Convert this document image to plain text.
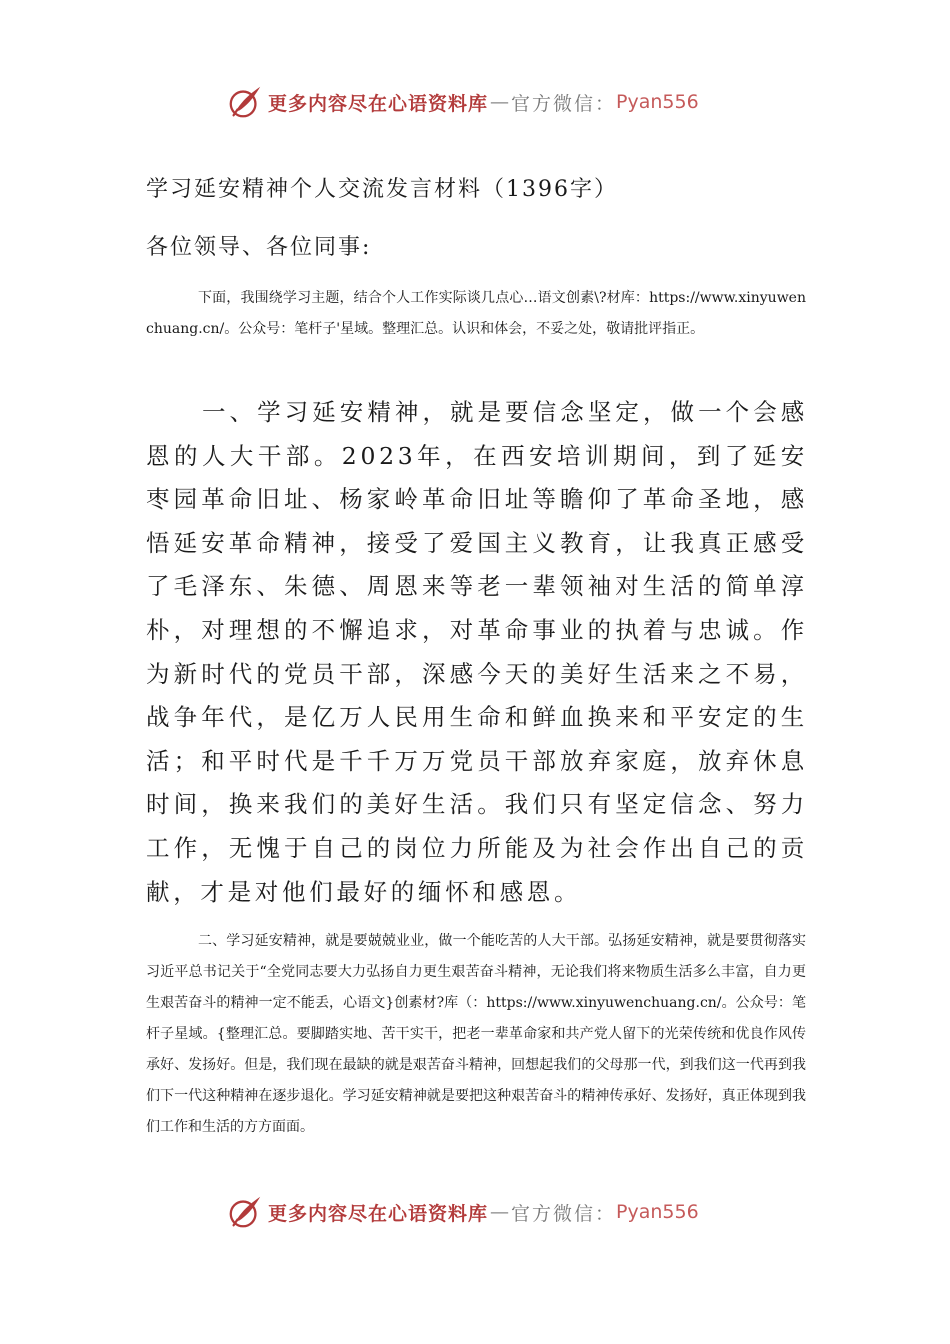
更多内容尽在心语资料库 — 官方微信： Pyan556
学习延安精神个人交流发言材料（1396字）
各位领导、各位同事:
下面，我围绕学习主题，结合个人工作实际谈几点心…语文创素\?材库：https://www.xinyuwenchuang.cn/。公众号：笔杆子'星域。整理汇总。认识和体会，不妥之处，敬请批评指正。
一、学习延安精神，就是要信念坚定，做一个会感恩的人大干部。2023年，在西安培训期间，到了延安枣园革命旧址、杨家岭革命旧址等瞻仰了革命圣地，感悟延安革命精神，接受了爱国主义教育，让我真正感受了毛泽东、朱德、周恩来等老一辈领袖对生活的简单淳朴，对理想的不懈追求，对革命事业的执着与忠诚。作为新时代的党员干部，深感今天的美好生活来之不易，战争年代，是亿万人民用生命和鲜血换来和平安定的生活；和平时代是千千万万党员干部放弃家庭，放弃休息时间，换来我们的美好生活。我们只有坚定信念、努力工作，无愧于自己的岗位力所能及为社会作出自己的贡献，才是对他们最好的缅怀和感恩。
二、学习延安精神，就是要兢兢业业，做一个能吃苦的人大干部。弘扬延安精神，就是要贯彻落实习近平总书记关于“全党同志要大力弘扬自力更生艰苦奋斗精神，无论我们将来物质生活多么丰富，自力更生艰苦奋斗的精神一定不能丢，心语文}创素材?库（：https://www.xinyuwenchuang.cn/。公众号：笔杆子星域。{整理汇总。要脚踏实地、苦干实干，把老一辈革命家和共产党人留下的光荣传统和优良作风传承好、发扬好。但是，我们现在最缺的就是艰苦奋斗精神，回想起我们的父母那一代，到我们这一代再到我们下一代这种精神在逐步退化。学习延安精神就是要把这种艰苦奋斗的精神传承好、发扬好，真正体现到我们工作和生活的方方面面。
更多内容尽在心语资料库 — 官方微信： Pyan556
